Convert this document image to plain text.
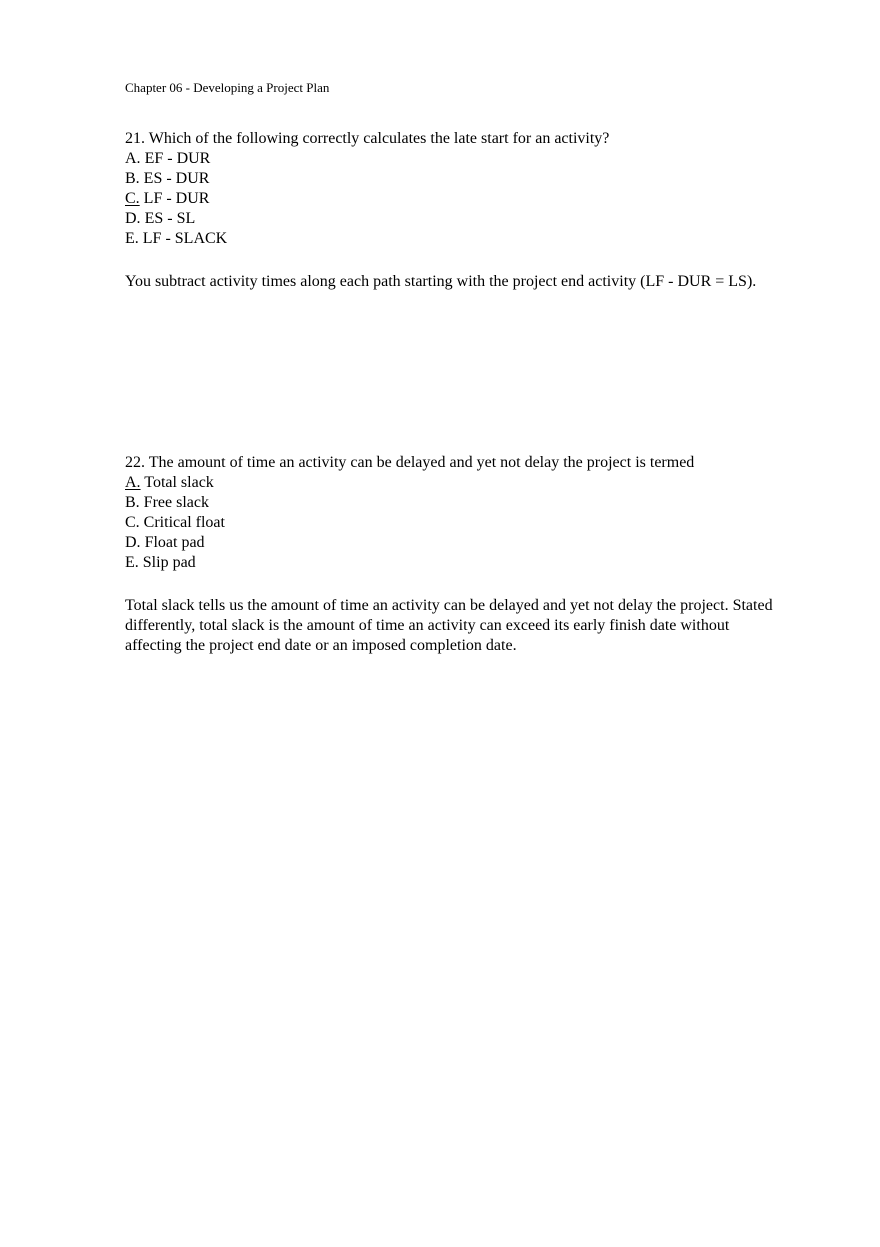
Chapter 06 - Developing a Project Plan

21. Which of the following correctly calculates the late start for an activity?

A. EF - DUR

B. ES - DUR

C. LF - DUR

D. ES - SL

E. LF - SLACK

You subtract activity times along each path starting with the project end activity (LF - DUR = LS).

22. The amount of time an activity can be delayed and yet not delay the project is termed

A. Total slack

B. Free slack

C. Critical float

D. Float pad

E. Slip pad

Total slack tells us the amount of time an activity can be delayed and yet not delay the project. Stated differently, total slack is the amount of time an activity can exceed its early finish date without affecting the project end date or an imposed completion date.
